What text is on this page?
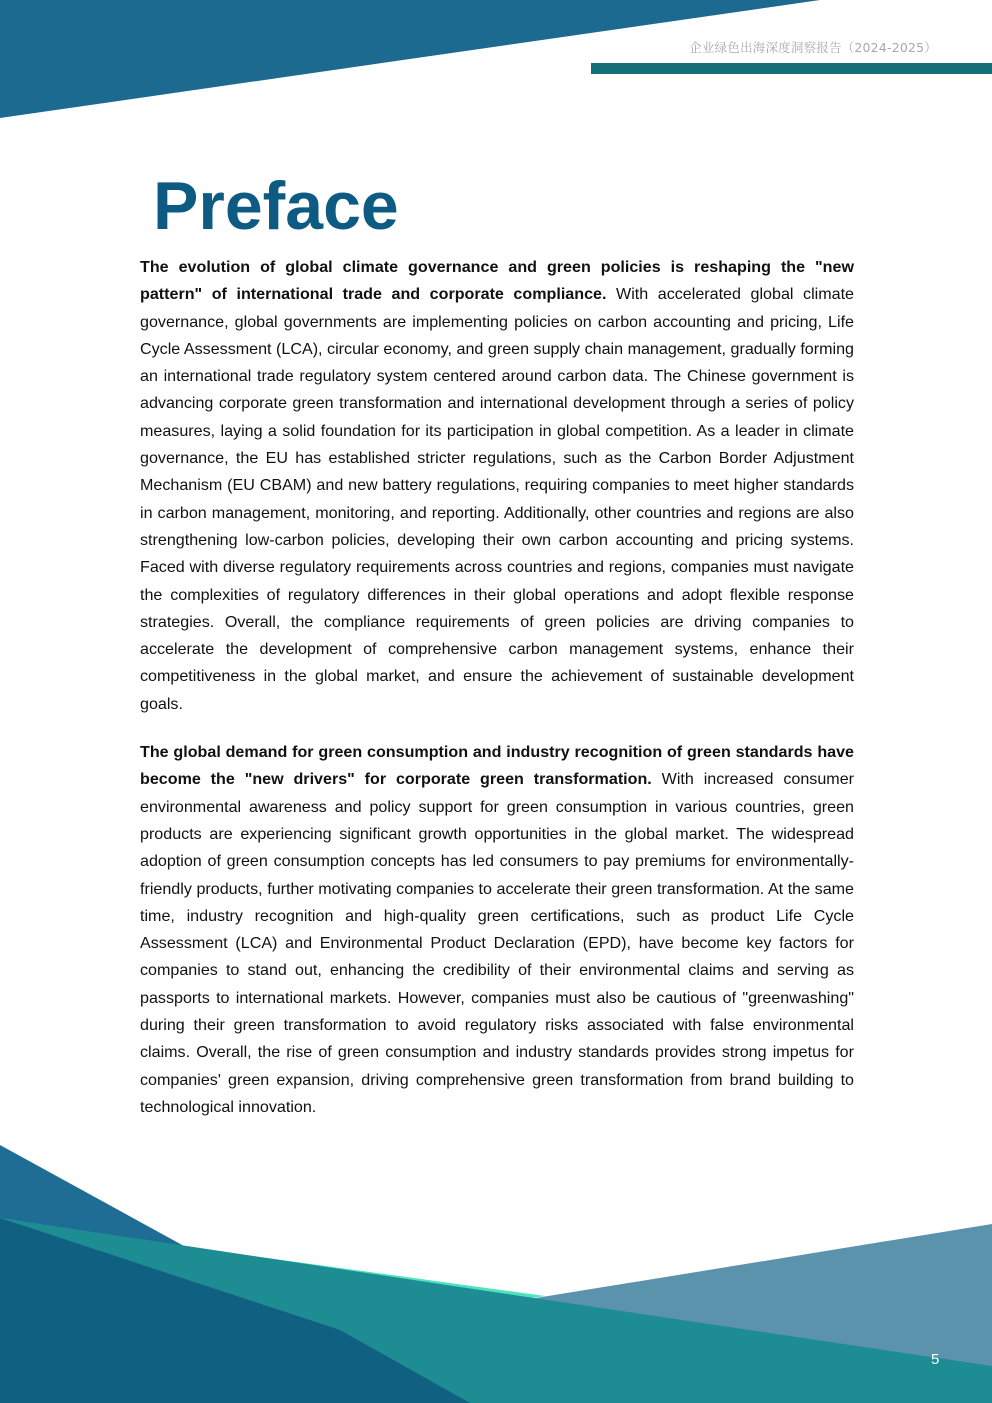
企业绿色出海深度洞察报告（2024-2025）
Preface

The evolution of global climate governance and green policies is reshaping the "new pattern" of international trade and corporate compliance. With accelerated global climate governance, global governments are implementing policies on carbon accounting and pricing, Life Cycle Assessment (LCA), circular economy, and green supply chain management, gradually forming an international trade regulatory system centered around carbon data. The Chinese government is advancing corporate green transformation and international development through a series of policy measures, laying a solid foundation for its participation in global competition. As a leader in climate governance, the EU has established stricter regulations, such as the Carbon Border Adjustment Mechanism (EU CBAM) and new battery regulations, requiring companies to meet higher standards in carbon management, monitoring, and reporting. Additionally, other countries and regions are also strengthening low-carbon policies, developing their own carbon accounting and pricing systems. Faced with diverse regulatory requirements across countries and regions, companies must navigate the complexities of regulatory differences in their global operations and adopt flexible response strategies. Overall, the compliance requirements of green policies are driving companies to accelerate the development of comprehensive carbon management systems, enhance their competitiveness in the global market, and ensure the achievement of sustainable development goals.

The global demand for green consumption and industry recognition of green standards have become the "new drivers" for corporate green transformation. With increased consumer environmental awareness and policy support for green consumption in various countries, green products are experiencing significant growth opportunities in the global market. The widespread adoption of green consumption concepts has led consumers to pay premiums for environmentally-friendly products, further motivating companies to accelerate their green transformation. At the same time, industry recognition and high-quality green certifications, such as product Life Cycle Assessment (LCA) and Environmental Product Declaration (EPD), have become key factors for companies to stand out, enhancing the credibility of their environmental claims and serving as passports to international markets. However, companies must also be cautious of "greenwashing" during their green transformation to avoid regulatory risks associated with false environmental claims. Overall, the rise of green consumption and industry standards provides strong impetus for companies' green expansion, driving comprehensive green transformation from brand building to technological innovation.

5
